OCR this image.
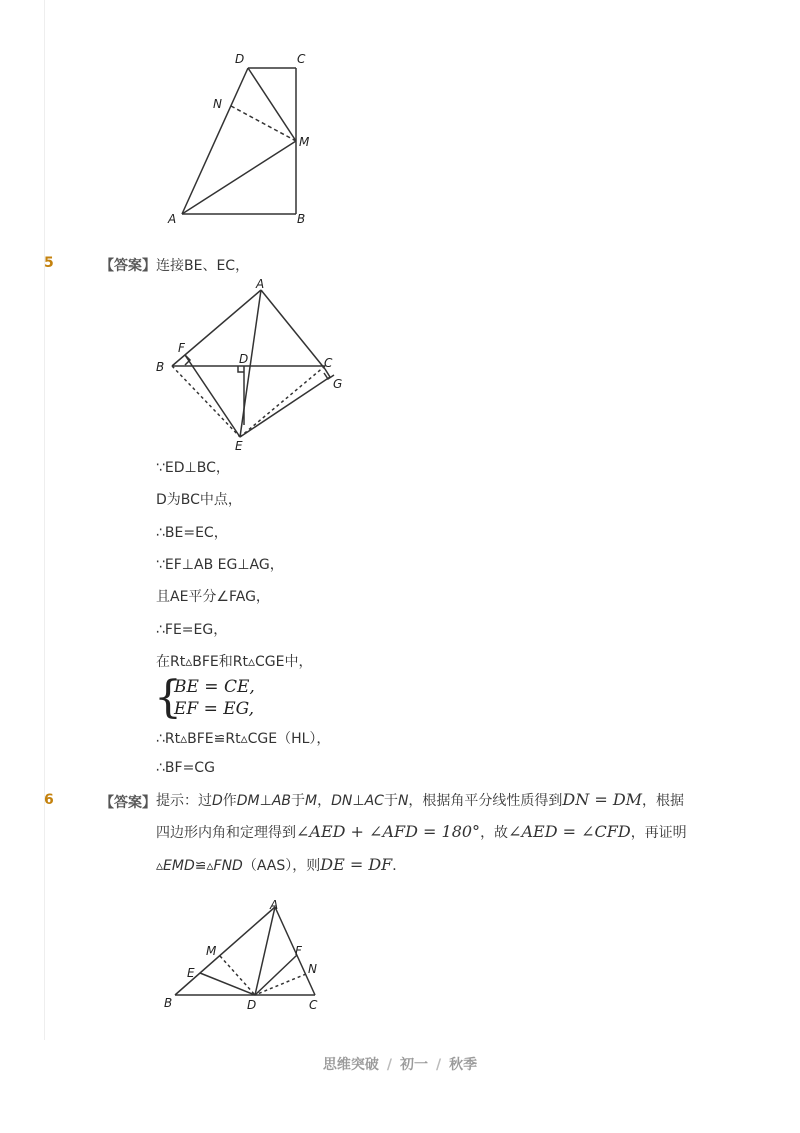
D	C
N
M
A	B
5	【答案】 连接BE、EC，
A
F
D	C
B
G
E
∵ED⊥BC，
D为BC中点，
∴BE=EC，
∵EF⊥AB EG⊥AG，
且AE平分∠FAG，
∴FE=EG，
在Rt▵BFE和Rt▵CGE中，
{
BE = CE,
EF = EG,
∴Rt▵BFE≌Rt▵CGE（HL），
∴BF=CG
6	【答案】 提示：过D作DM⊥AB于M，DN⊥AC于N，根据角平分线性质得到DN = DM，根据
四边形内角和定理得到∠AED + ∠AFD = 180°，故∠AED = ∠CFD，再证明
▵EMD≌▵FND（AAS），则DE = DF．
A
M	F
E	N
B	D	C
思维突破 / 初一 / 秋季
